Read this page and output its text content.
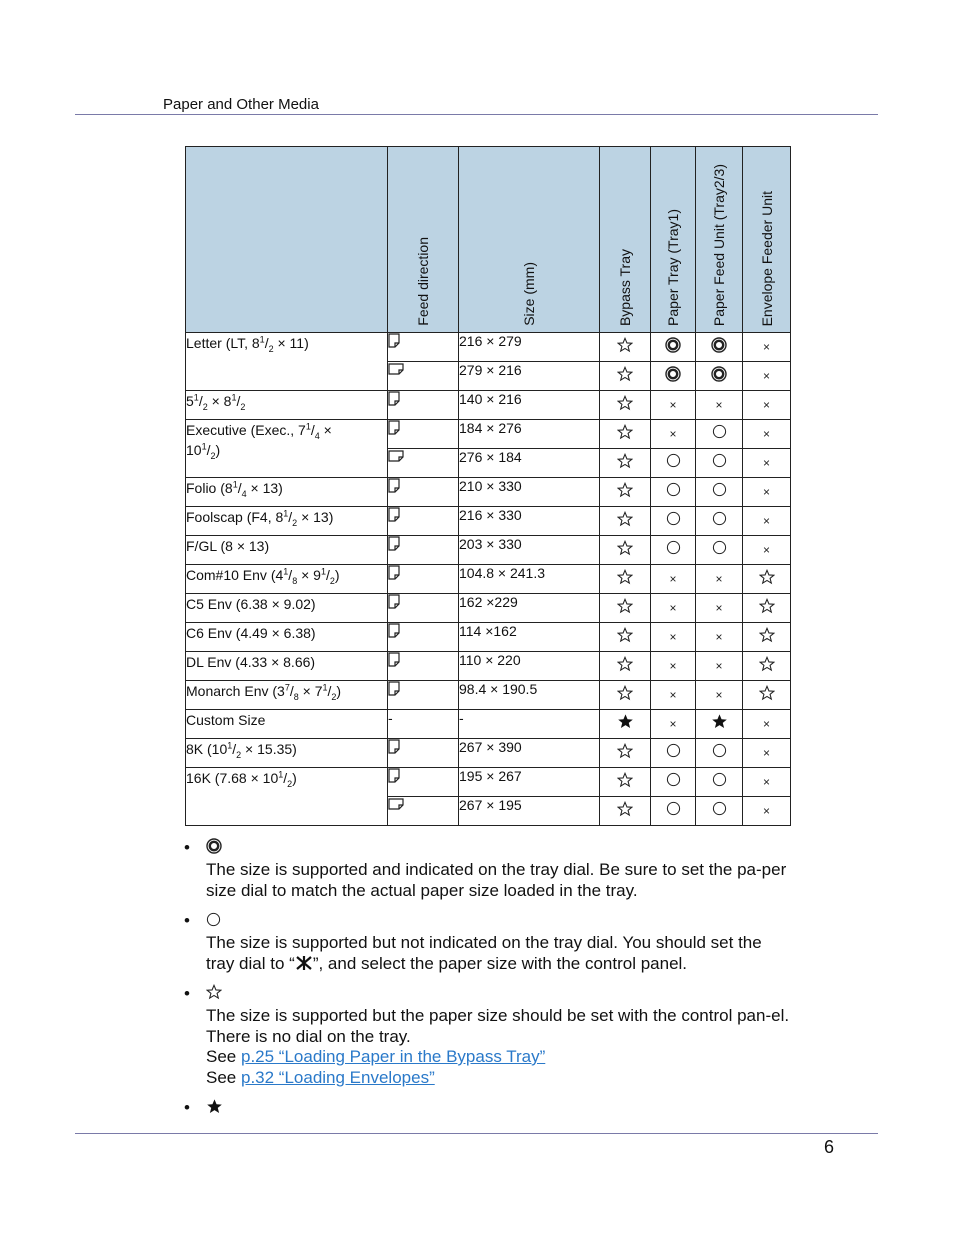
Paper and Other Media

	Feed direction	Size (mm)	Bypass Tray	Paper Tray (Tray1)	Paper Feed Unit (Tray2/3)	Envelope Feeder Unit

Letter (LT, $8^1/_2 \times 11$)		216 × 279				×
	279 × 216				×
$5^1/_2 \times 8^1/_2$		140 × 216		×	×	×
Executive (Exec., $7^1/_4$ ×
$10^1/_2$)		184 × 276		×		×
	276 × 184				×
Folio $(8^1/_4 \times 13)$		210 × 330				×
Foolscap (F4, $8^1/_2 \times 13$)		216 × 330				×
F/GL (8 × 13)		203 × 330				×
Com#10 Env $(4^1/_8 \times 9^1/_2)$		104.8 × 241.3		×	×	
C5 Env (6.38 × 9.02)		162 ×229		×	×	
C6 Env (4.49 × 6.38)		114 ×162		×	×	
DL Env (4.33 × 8.66)		110 × 220		×	×	
Monarch Env $(3^7/_8 \times 7^1/_2)$		98.4 × 190.5		×	×	
Custom Size	-	-		×		×
8K $(10^1/_2 \times 15.35)$		267 × 390				×
16K $(7.68 \times 10^1/_2)$		195 × 267				×
	267 × 195				×
•
The size is supported and indicated on the tray dial. Be sure to set the pa-per size dial to match the actual paper size loaded in the tray.
•
The size is supported but not indicated on the tray dial. You should set the tray dial to “ ”, and select the paper size with the control panel.
•
The size is supported but the paper size should be set with the control pan-el. There is no dial on the tray.
See p.25 “Loading Paper in the Bypass Tray”
See p.32 “Loading Envelopes”
•
6
